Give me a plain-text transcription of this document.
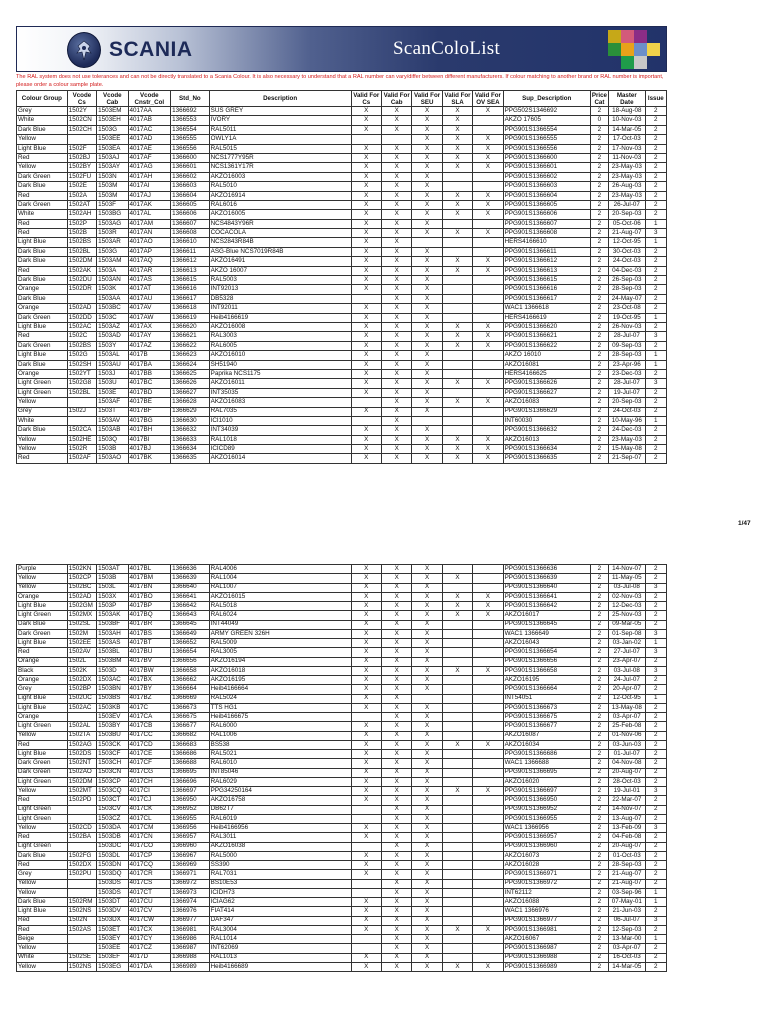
SCANIA	ScanColoList
The RAL system does not use tolerances and can not be directly translated to a Scania Colour. It is also necessary to understand that a RAL number can vary/differ between different manufacturers. If colour matching to another brand or RAL number is important, please order a colour sample plate.
Colour Group	Vcode Cs	Vcode Cab	Vcode Cnstr_Col	Std_No	Description	Valid For Cs	Valid For Cab	Valid For SEU	Valid For SLA	Valid For OV SEA	Sup_Description	Price Cat	Master Date	Issue
Grey	1502Y	1503EM	4017AA	1366692	SUS GREY	X	X	X	X	X	PPG502S1346692	2	18-Aug-08	2
White	1502CN	1503EH	4017AB	1366553	IVORY	X	X	X	X		AKZO 17605	0	10-Nov-03	2
Dark Blue	1502CH	1503G	4017AC	1366554	RAL5011	X	X	X	X		PPG901S1366554	2	14-Mar-05	2
Yellow		1503EE	4017AD	1366555	OWLY1A			X	X	X	PPG901S1366555	2	17-Oct-03	2
Light Blue	1502F	1503EA	4017AE	1366556	RAL5015	X	X	X	X	X	PPG901S1366556	2	17-Nov-03	2
Red	1502BJ	1503AJ	4017AF	1366600	NCS1777Y95R	X	X	X	X	X	PPG901S1366600	2	11-Nov-03	2
Yellow	1502BY	1503AY	4017AG	1366601	NCS1361Y17R	X	X	X	X	X	PPG901S1366601	2	23-May-03	2
Dark Green	1502FU	1503N	4017AH	1366602	AKZO16003	X	X	X			PPG901S1366602	2	23-May-03	2
Dark Blue	1502E	1503M	4017AI	1366603	RAL5010	X	X	X			PPG901S1366603	2	26-Aug-03	2
Red	1502A	1503M	4017AJ	1366604	AKZO16914	X	X	X	X	X	PPG901S1366604	2	23-May-03	2
Dark Green	1502AT	1503F	4017AK	1366605	RAL6016	X	X	X	X	X	PPG901S1366605	2	26-Jul-07	2
White	1502AH	1503BG	4017AL	1366606	AKZO16005	X	X	X	X	X	PPG901S1366606	2	20-Sep-03	2
Red	1502P	1503AG	4017AM	1366607	NCS4843Y96R	X	X	X			PPG901S1366607	2	05-Oct-06	1
Red	1502B	1503R	4017AN	1366608	COCACOLA	X	X	X	X	X	PPG901S1366608	2	21-Aug-07	3
Light Blue	1502BS	1503AR	4017AO	1366610	NCS2843R84B	X	X				HERS4166610	2	12-Oct-95	1
Dark Blue	1502BL	1503G	4017AP	1366611	ASG-Blue NCS7019R84B	X	X	X			PPG901S1366611	2	30-Oct-03	2
Dark Blue	1502DM	1503AM	4017AQ	1366612	AKZO16491	X	X	X	X	X	PPG901S1366612	2	24-Oct-03	2
Red	1502AK	1503A	4017AR	1366613	AKZO 16007	X	X	X	X	X	PPG901S1366613	2	04-Dec-03	2
Dark Blue	1502DU	1503AN	4017AS	1366615	RAL5003	X	X	X			PPG901S1366615	2	26-Sep-03	2
Orange	1502DR	1503K	4017AT	1366616	INT92013	X	X	X			PPG901S1366616	2	28-Sep-03	2
Dark Blue		1503AA	4017AU	1366617	DB5328		X	X			PPG901S1366617	2	24-May-07	2
Orange	1502AD	1503BC	4017AV	1366618	INT92011	X	X	X			WAC1 1366618	2	23-Oct-08	2
Dark Green	1502DD	1503C	4017AW	1366619	Heib4166619	X	X	X			HERS4166619	2	19-Oct-95	1
Light Blue	1502AC	1503AZ	4017AX	1366620	AKZO16008	X	X	X	X	X	PPG901S1366620	2	26-Nov-03	2
Red	1502C	1503AD	4017AY	1366621	RAL3003	X	X	X	X	X	PPG901S1366621	2	28-Jul-07	3
Dark Green	1502BS	1503Y	4017AZ	1366622	RAL6005	X	X	X	X	X	PPG901S1366622	2	09-Sep-03	2
Light Blue	1502G	1503AL	4017B	1366623	AKZO16010	X	X	X			AKZO 16010	2	28-Sep-03	1
Dark Blue	1502SH	1503AU	4017BA	1366624	SH51940	X	X	X			AKZO16081	2	23-Apr-96	1
Orange	1502YT	1503J	4017BB	1366625	Paprika NCS1175	X	X	X			HERS4166625	2	23-Dec-03	2
Light Green	1502G8	1503U	4017BC	1366626	AKZO16011	X	X	X	X	X	PPG901S1366626	2	28-Jul-07	3
Light Green	1502BL	1503E	4017BD	1366627	INT35035	X	X	X			PPG901S1366627	2	19-Jul-07	2
Yellow		1503AF	4017BE	1366628	AKZO16083		X	X	X	X	AKZO16083	2	20-Sep-03	2
Grey	1502J	1503T	4017BF	1366629	RAL7035	X	X	X			PPG901S1366629	2	24-Oct-03	2
White		1503AV	4017BG	1366630	ICI1010		X				INT60030	2	10-May-96	1
Dark Blue	1502CA	1503AB	4017BH	1366632	INT34039	X	X	X			PPG901S1366632	2	24-Dec-03	2
Yellow	1502HE	1503Q	4017BI	1366633	RAL1018	X	X	X	X	X	AKZO16013	2	23-May-03	2
Yellow	1502R	1503B	4017BJ	1366634	ICICD89	X	X	X	X	X	PPG901S1366634	2	15-May-08	2
Red	1502AF	1503AO	4017BK	1366635	AKZO16014	X	X	X	X	X	PPG901S1366635	2	21-Sep-07	2
1/47
Purple	1502KN	1503AT	4017BL	1366636	RAL4006	X	X	X			PPG901S1366636	2	14-Nov-07	2
Yellow	1502CP	1503B	4017BM	1366639	RAL1004	X	X	X	X		PPG901S1366639	2	11-May-05	2
Yellow	1502BC	1503L	4017BN	1366640	RAL1007	X	X	X			PPG901S1366640	2	03-Jul-08	3
Orange	1502AD	1503X	4017BO	1366641	AKZO16015	X	X	X	X	X	PPG901S1366641	2	02-Nov-03	2
Light Blue	1502GM	1503P	4017BP	1366642	RAL5018	X	X	X	X	X	PPG901S1366642	2	12-Dec-03	2
Light Green	1502MX	1503AK	4017BQ	1366643	RAL6024	X	X	X	X	X	AKZO16017	2	25-Nov-03	2
Dark Blue	1502SL	1503BF	4017BR	1366645	INT44049	X	X	X			PPG901S1366645	2	09-Mar-05	2
Dark Green	1502M	1503AH	4017BS	1366649	ARMY GREEN 326H	X	X	X			WAC1 1366649	2	01-Sep-08	3
Light Blue	1502EE	1503AS	4017BT	1366652	RAL5009	X	X	X			AKZO16043	2	03-Jan-02	1
Red	1502AV	1503BL	4017BU	1366654	RAL3005	X	X	X			PPG901S1366654	2	27-Jul-07	3
Orange	1502L	1503BM	4017BV	1366656	AKZO16194	X	X	X			PPG901S1366656	2	23-Apr-07	2
Black	1502K	1503D	4017BW	1366658	AKZO16018	X	X	X	X	X	PPG901S1366658	2	03-Jul-08	3
Orange	1502DX	1503AC	4017BX	1366662	AKZO16195	X	X	X			AKZO16195	2	24-Jul-07	2
Grey	1502BP	1503BN	4017BY	1366664	Heib4166664	X	X	X			PPG901S1366664	2	20-Apr-07	2
Light Blue	1502UC	1503BS	4017BZ	1366669	RAL5024	X	X				INT54051	2	12-Oct-95	1
Light Blue	1502AC	1503KB	4017C	1366673	TTS HG1	X	X	X			PPG901S1366673	2	13-May-08	2
Orange		1503EV	4017CA	1366675	Heib4166675		X	X			PPG901S1366675	2	03-Apr-07	2
Light Green	1502AL	1503BY	4017CB	1366677	RAL6000	X	X	X			PPG901S1366677	2	25-Feb-08	2
Yellow	1502TA	1503BU	4017CC	1366682	RAL1006	X	X	X			AKZO16087	2	01-Nov-06	2
Red	1502AG	1503CK	4017CD	1366683	BS538	X	X	X	X	X	AKZO16034	2	03-Jun-03	2
Light Blue	1502DS	1503CF	4017CE	1366686	RAL5021	X	X	X			PPG901S1366686	2	01-Jul-07	2
Dark Green	1502NT	1503CH	4017CF	1366688	RAL6010	X	X	X			WAC1 1366688	2	04-Nov-08	2
Dark Green	1502AO	1503CN	4017CG	1366695	INT85046	X	X	X			PPG901S1366695	2	20-Aug-07	2
Light Green	1502DM	1503CP	4017CH	1366696	RAL6029	X	X	X			AKZO16020	2	28-Oct-03	2
Yellow	1502MT	1503CQ	4017CI	1366697	PPG34250164	X	X	X	X	X	PPG901S1366697	2	19-Jul-01	3
Red	1502PD	1503CT	4017CJ	1366950	AKZO16758	X	X	X			PPG901S1366950	2	22-Mar-07	2
Light Green		1503CV	4017CK	1366952	DB62T7		X	X			PPG901S1366952	2	14-Nov-07	2
Light Green		1503CZ	4017CL	1366955	RAL6019		X	X			PPG901S1366955	2	13-Aug-07	2
Yellow	1502CD	1503DA	4017CM	1366956	Heib4166956	X	X	X			WAC1 1366956	2	13-Feb-09	3
Red	1502BA	1503DB	4017CN	1366957	RAL3011	X	X	X			PPG901S1366957	2	04-Feb-08	2
Light Green		1503DC	4017CO	1366960	AKZO16038		X	X			PPG901S1366960	2	20-Aug-07	2
Dark Blue	1502FG	1503DL	4017CP	1366967	RAL5000	X	X	X			AKZO16073	2	01-Oct-03	2
Red	1502DX	1503DN	4017CQ	1366969	SS390	X	X	X			AKZO16028	2	28-Sep-03	2
Grey	1502PU	1503DQ	4017CR	1366971	RAL7031	X	X	X			PPG901S1366971	2	21-Aug-07	2
Yellow		1503DS	4017CS	1366972	BS10E53		X	X			PPG901S1366972	2	21-Aug-07	2
Yellow		1503DS	4017CT	1366973	ICIDH73		X	X			INT62112	2	03-Sep-96	1
Dark Blue	1502RM	1503DT	4017CU	1366974	ICIAG62	X	X	X			AKZO16088	2	07-May-01	1
Light Blue	1502NS	1503DV	4017CV	1366976	FIAT414	X	X	X			WAC1 1366976	2	21-Jun-03	2
Red	1502N	1503DX	4017CW	1366977	DAF347	X	X	X			PPG901S1366977	2	06-Jul-07	3
Red	1502AS	1503ET	4017CX	1366981	RAL3004	X	X	X	X	X	PPG901S1366981	2	12-Sep-03	2
Beige		1503EY	4017CY	1366986	RAL1014		X	X			AKZO16067	2	13-Mar-00	1
Yellow		1503EE	4017CZ	1366987	INT62069		X	X			PPG901S1366987	2	03-Apr-07	2
White	1502SE	1503EF	4017D	1366988	RAL1013	X	X	X			PPG901S1366988	2	16-Oct-03	2
Yellow	1502NS	1503EG	4017DA	1366989	Heib4166689	X	X	X	X	X	PPG901S1366989	2	14-Mar-05	2
